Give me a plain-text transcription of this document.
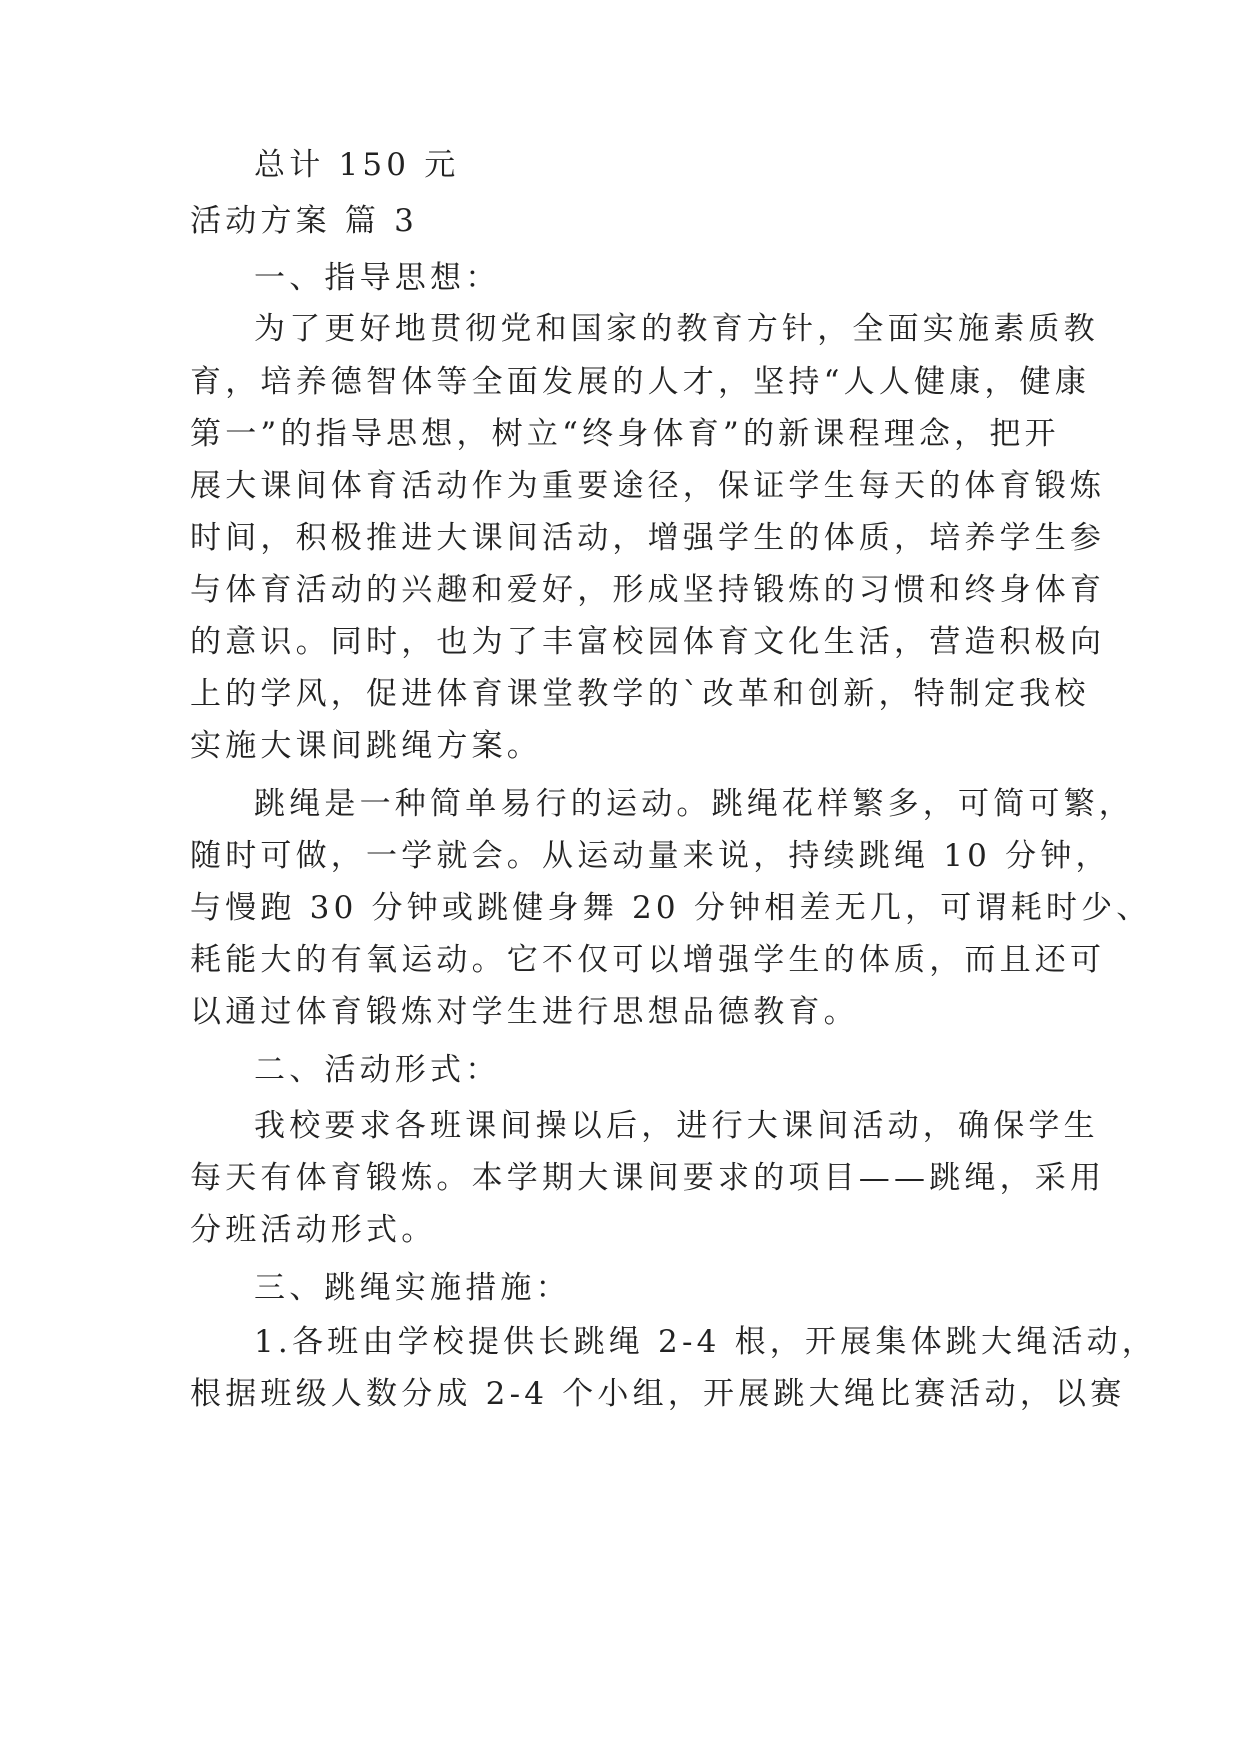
总计 150 元
活动方案 篇 3
一、指导思想：
为了更好地贯彻党和国家的教育方针，全面实施素质教
育，培养德智体等全面发展的人才，坚持“人人健康，健康
第一”的指导思想，树立“终身体育”的新课程理念，把开
展大课间体育活动作为重要途径，保证学生每天的体育锻炼
时间，积极推进大课间活动，增强学生的体质，培养学生参
与体育活动的兴趣和爱好，形成坚持锻炼的习惯和终身体育
的意识。同时，也为了丰富校园体育文化生活，营造积极向
上的学风，促进体育课堂教学的`改革和创新，特制定我校
实施大课间跳绳方案。
跳绳是一种简单易行的运动。跳绳花样繁多，可简可繁，
随时可做，一学就会。从运动量来说，持续跳绳 10 分钟，
与慢跑 30 分钟或跳健身舞 20 分钟相差无几，可谓耗时少、
耗能大的有氧运动。它不仅可以增强学生的体质，而且还可
以通过体育锻炼对学生进行思想品德教育。
二、活动形式：
我校要求各班课间操以后，进行大课间活动，确保学生
每天有体育锻炼。本学期大课间要求的项目——跳绳，采用
分班活动形式。
三、跳绳实施措施：
1.各班由学校提供长跳绳 2-4 根，开展集体跳大绳活动，
根据班级人数分成 2-4 个小组，开展跳大绳比赛活动，以赛
